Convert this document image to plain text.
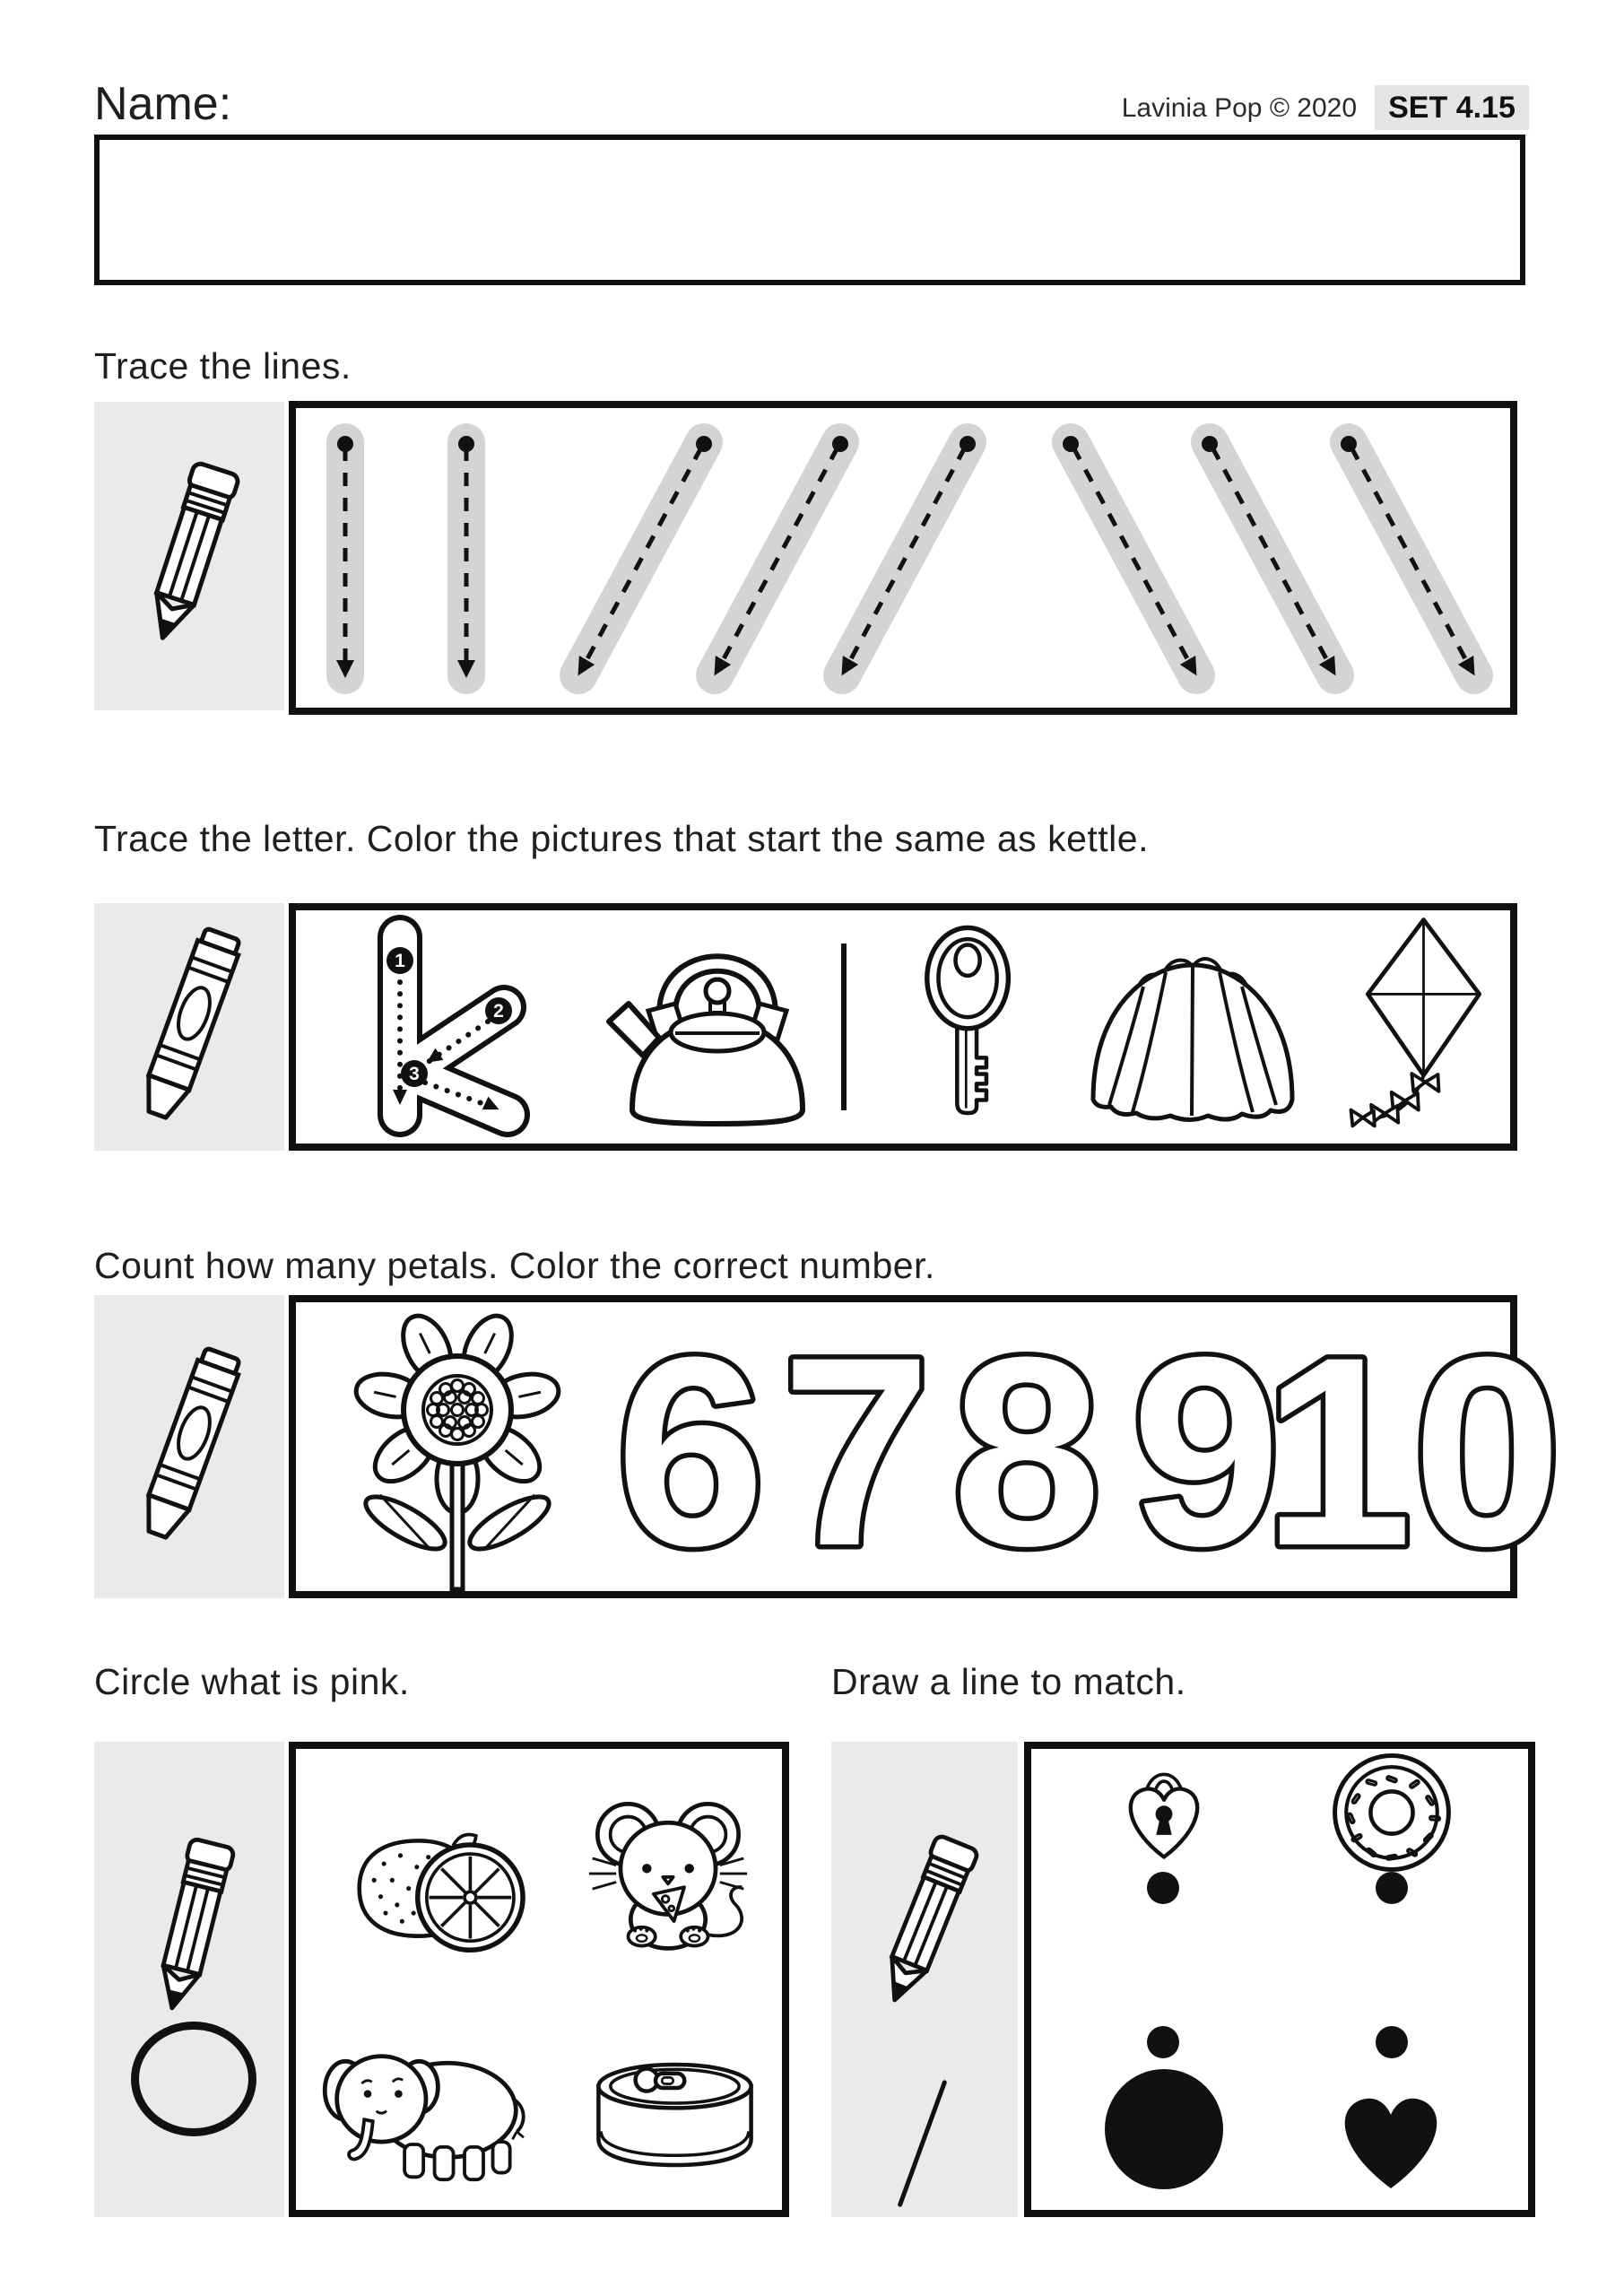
Name:	Lavinia Pop © 2020	SET 4.15
Trace the lines.
Trace the letter. Color the pictures that start the same as kettle.
1
2
3
Count how many petals. Color the correct number.
6 7 8 9
10
Circle what is pink.	Draw a line to match.
